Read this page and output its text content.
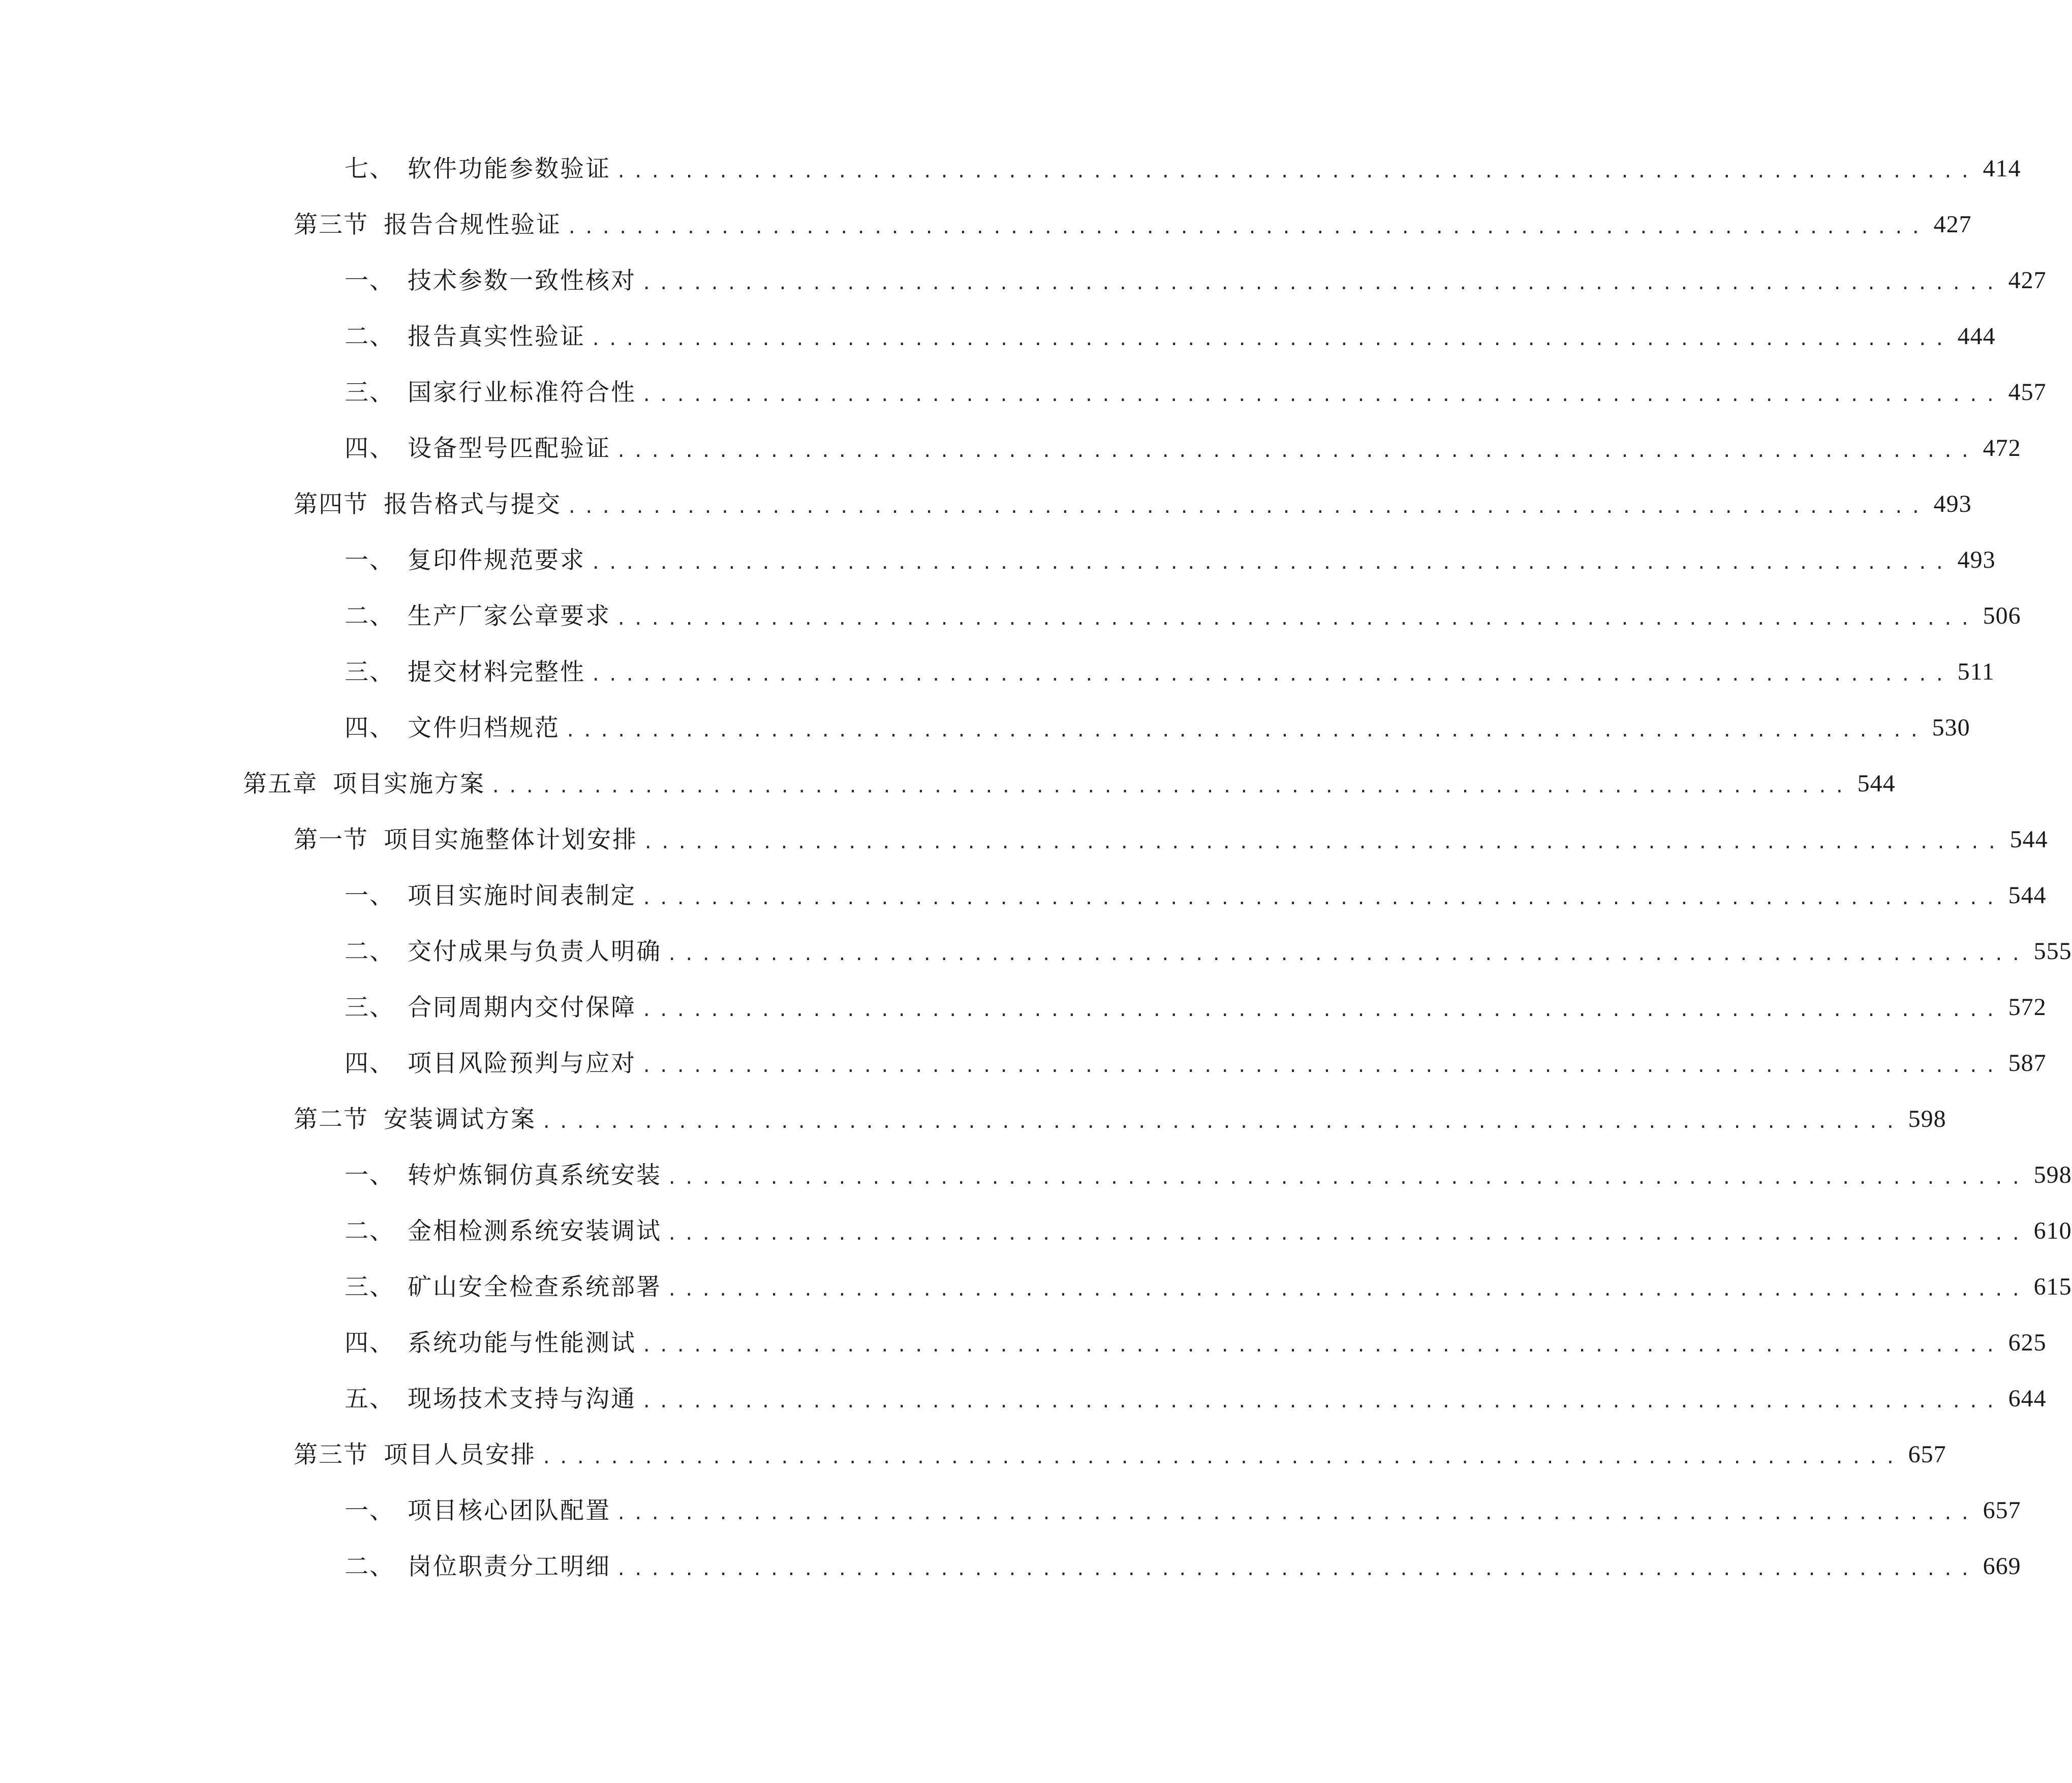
七、 软件功能参数验证 ................................................................................ 414
第三节 报告合规性验证 ................................................................................ 427
一、 技术参数一致性核对 ................................................................................ 427
二、 报告真实性验证 ................................................................................ 444
三、 国家行业标准符合性 ................................................................................ 457
四、 设备型号匹配验证 ................................................................................ 472
第四节 报告格式与提交 ................................................................................ 493
一、 复印件规范要求 ................................................................................ 493
二、 生产厂家公章要求 ................................................................................ 506
三、 提交材料完整性 ................................................................................ 511
四、 文件归档规范 ................................................................................ 530
第五章 项目实施方案 ................................................................................ 544
第一节 项目实施整体计划安排 ................................................................................ 544
一、 项目实施时间表制定 ................................................................................ 544
二、 交付成果与负责人明确 ................................................................................ 555
三、 合同周期内交付保障 ................................................................................ 572
四、 项目风险预判与应对 ................................................................................ 587
第二节 安装调试方案 ................................................................................ 598
一、 转炉炼铜仿真系统安装 ................................................................................ 598
二、 金相检测系统安装调试 ................................................................................ 610
三、 矿山安全检查系统部署 ................................................................................ 615
四、 系统功能与性能测试 ................................................................................ 625
五、 现场技术支持与沟通 ................................................................................ 644
第三节 项目人员安排 ................................................................................ 657
一、 项目核心团队配置 ................................................................................ 657
二、 岗位职责分工明细 ................................................................................ 669
